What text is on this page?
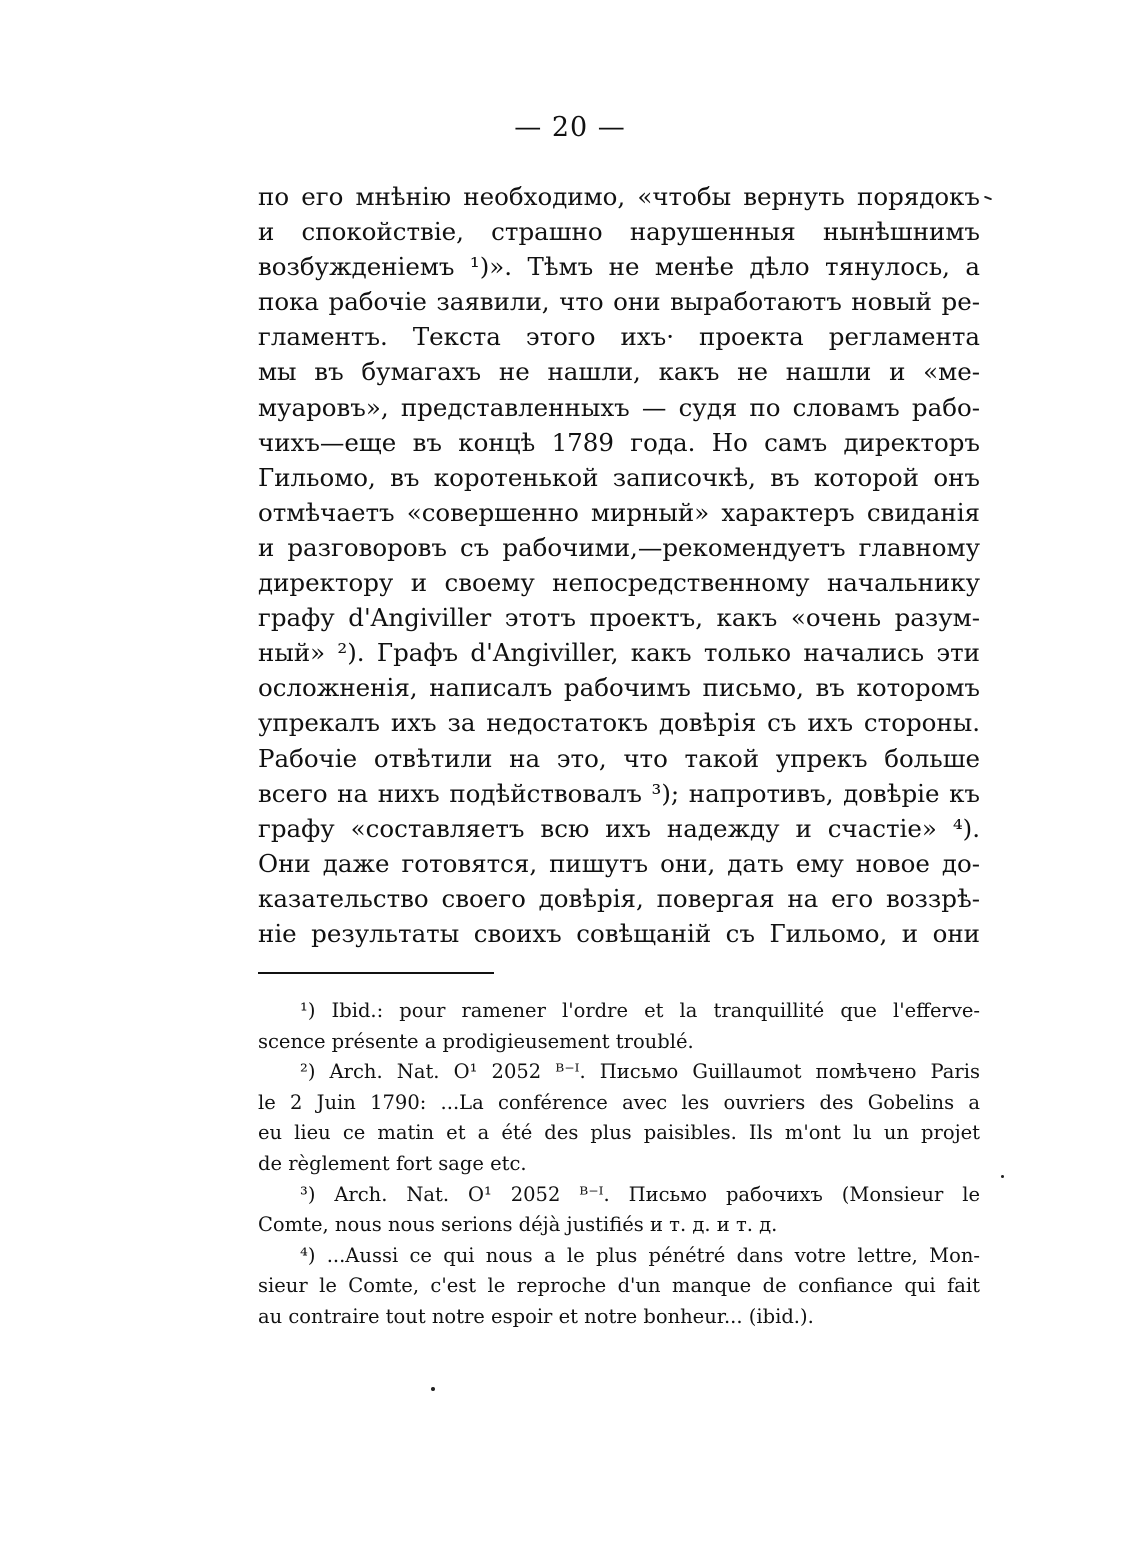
— 20 —
по его мнѣнію необходимо, «чтобы вернуть порядокъ
и спокойствіе, страшно нарушенныя нынѣшнимъ
возбужденіемъ ¹)». Тѣмъ не менѣе дѣло тянулось, а
пока рабочіе заявили, что они выработаютъ новый ре-
гламентъ. Текста этого ихъ· проекта регламента
мы въ бумагахъ не нашли, какъ не нашли и «ме-
муаровъ», представленныхъ — судя по словамъ рабо-
чихъ—еще въ концѣ 1789 года. Но самъ директоръ
Гильомо, въ коротенькой записочкѣ, въ которой онъ
отмѣчаетъ «совершенно мирный» характеръ свиданія
и разговоровъ съ рабочими,—рекомендуетъ главному
директору и своему непосредственному начальнику
графу d'Angiviller этотъ проектъ, какъ «очень разум-
ный» ²). Графъ d'Angiviller, какъ только начались эти
осложненія, написалъ рабочимъ письмо, въ которомъ
упрекалъ ихъ за недостатокъ довѣрія съ ихъ стороны.
Рабочіе отвѣтили на это, что такой упрекъ больше
всего на нихъ подѣйствовалъ ³); напротивъ, довѣріе къ
графу «составляетъ всю ихъ надежду и счастіе» ⁴).
Они даже готовятся, пишутъ они, дать ему новое до-
казательство своего довѣрія, повергая на его воззрѣ-
ніе результаты своихъ совѣщаній съ Гильомо, и они
¹) Ibid.: pour ramener l'ordre et la tranquillité que l'efferve-
scence présente a prodigieusement troublé.
²) Arch. Nat. O¹ 2052 ᴮ⁻ᴵ. Письмо Guillaumot помѣчено Paris
le 2 Juin 1790: ...La conférence avec les ouvriers des Gobelins a
eu lieu ce matin et a été des plus paisibles. Ils m'ont lu un projet
de règlement fort sage etc.
³) Arch. Nat. O¹ 2052 ᴮ⁻ᴵ. Письмо рабочихъ (Monsieur le
Comte, nous nous serions déjà justifiés и т. д. и т. д.
⁴) ...Aussi ce qui nous a le plus pénétré dans votre lettre, Mon-
sieur le Comte, c'est le reproche d'un manque de confiance qui fait
au contraire tout notre espoir et notre bonheur... (ibid.).
